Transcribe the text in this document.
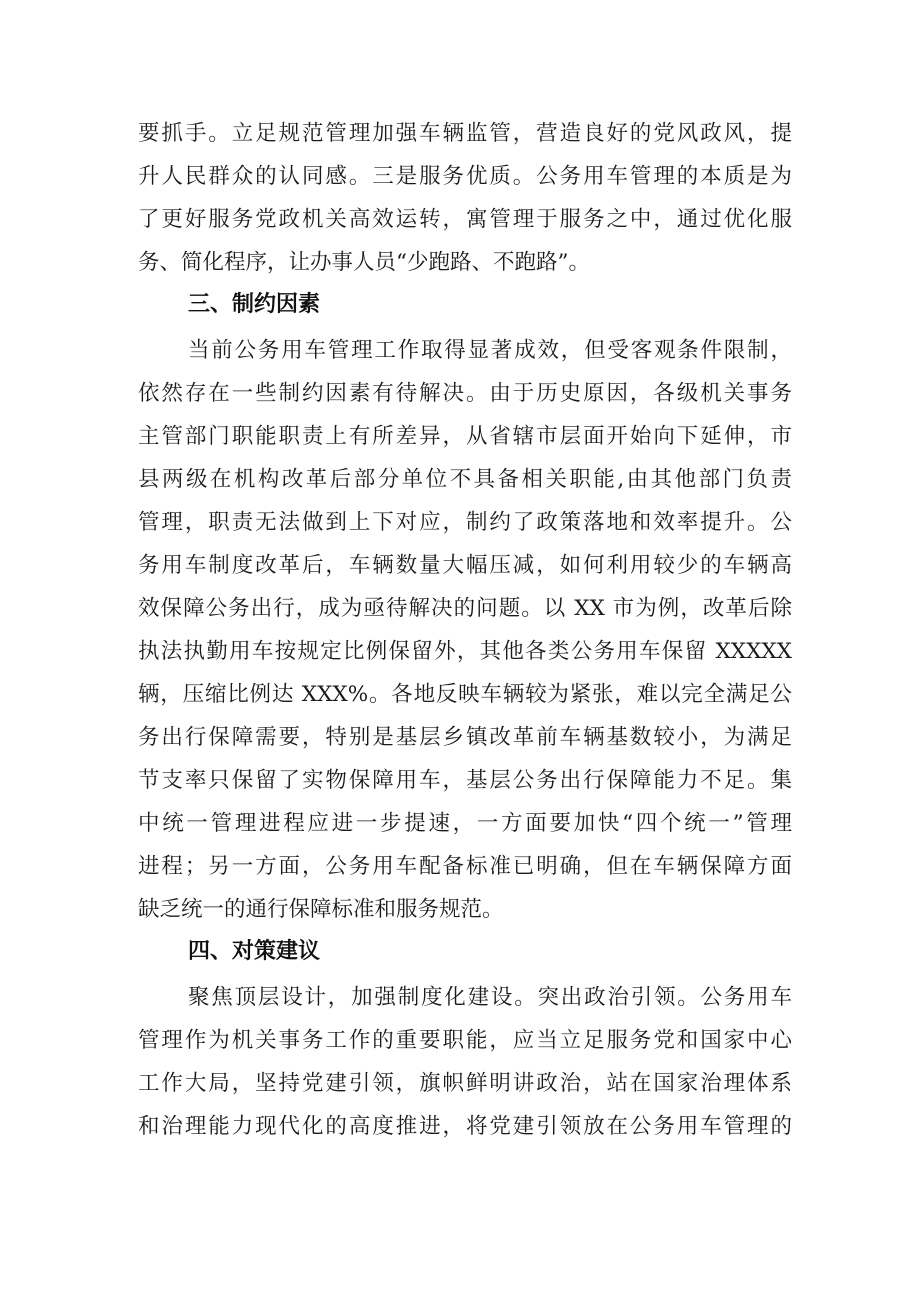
要抓手。立足规范管理加强车辆监管，营造良好的党风政风，提
升人民群众的认同感。三是服务优质。公务用车管理的本质是为
了更好服务党政机关高效运转，寓管理于服务之中，通过优化服
务、简化程序，让办事人员“少跑路、不跑路”。
三、制约因素
当前公务用车管理工作取得显著成效，但受客观条件限制，
依然存在一些制约因素有待解决。由于历史原因，各级机关事务
主管部门职能职责上有所差异，从省辖市层面开始向下延伸，市
县两级在机构改革后部分单位不具备相关职能,由其他部门负责
管理，职责无法做到上下对应，制约了政策落地和效率提升。公
务用车制度改革后，车辆数量大幅压减，如何利用较少的车辆高
效保障公务出行，成为亟待解决的问题。以 XX 市为例，改革后除
执法执勤用车按规定比例保留外，其他各类公务用车保留 XXXXX
辆，压缩比例达 XXX%。各地反映车辆较为紧张，难以完全满足公
务出行保障需要，特别是基层乡镇改革前车辆基数较小，为满足
节支率只保留了实物保障用车，基层公务出行保障能力不足。集
中统一管理进程应进一步提速，一方面要加快“四个统一”管理
进程；另一方面，公务用车配备标准已明确，但在车辆保障方面
缺乏统一的通行保障标准和服务规范。
四、对策建议
聚焦顶层设计，加强制度化建设。突出政治引领。公务用车
管理作为机关事务工作的重要职能，应当立足服务党和国家中心
工作大局，坚持党建引领，旗帜鲜明讲政治，站在国家治理体系
和治理能力现代化的高度推进，将党建引领放在公务用车管理的
